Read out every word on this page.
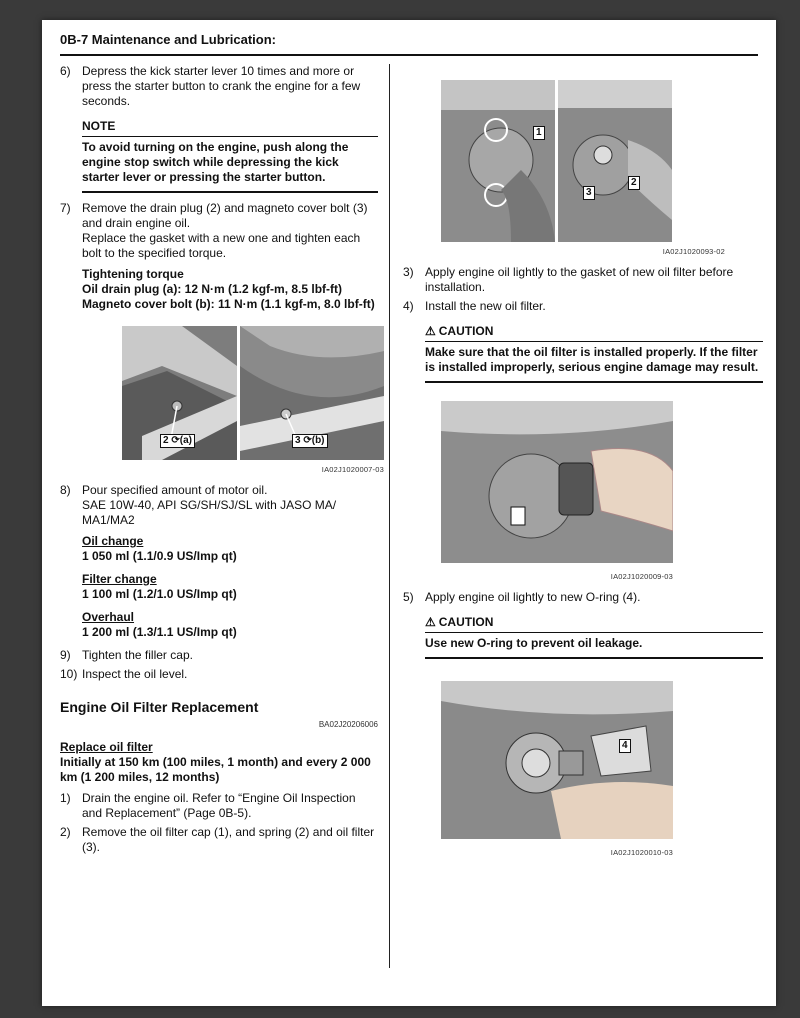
0B-7 Maintenance and Lubrication:
6) Depress the kick starter lever 10 times and more or press the starter button to crank the engine for a few seconds.
NOTE
To avoid turning on the engine, push along the engine stop switch while depressing the kick starter lever or pressing the starter button.
7) Remove the drain plug (2) and magneto cover bolt (3) and drain engine oil.
Replace the gasket with a new one and tighten each bolt to the specified torque.
Tightening torque
Oil drain plug (a): 12 N·m (1.2 kgf-m, 8.5 lbf-ft)
Magneto cover bolt (b): 11 N·m (1.1 kgf-m, 8.0 lbf-ft)
2 ⟳(a)	3 ⟳(b)
IA02J1020007-03
8) Pour specified amount of motor oil.
SAE 10W-40, API SG/SH/SJ/SL with JASO MA/ MA1/MA2
Oil change
1 050 ml (1.1/0.9 US/Imp qt)
Filter change
1 100 ml (1.2/1.0 US/Imp qt)
Overhaul
1 200 ml (1.3/1.1 US/Imp qt)
9) Tighten the filler cap.
10) Inspect the oil level.
Engine Oil Filter Replacement
BA02J20206006
Replace oil filter
Initially at 150 km (100 miles, 1 month) and every 2 000 km (1 200 miles, 12 months)
1) Drain the engine oil. Refer to “Engine Oil Inspection and Replacement” (Page 0B-5).
2) Remove the oil filter cap (1), and spring (2) and oil filter (3).
1
3
2
IA02J1020093-02
3) Apply engine oil lightly to the gasket of new oil filter before installation.
4) Install the new oil filter.
⚠ CAUTION
Make sure that the oil filter is installed properly. If the filter is installed improperly, serious engine damage may result.
IA02J1020009-03
5) Apply engine oil lightly to new O-ring (4).
⚠ CAUTION
Use new O-ring to prevent oil leakage.
4
IA02J1020010-03
